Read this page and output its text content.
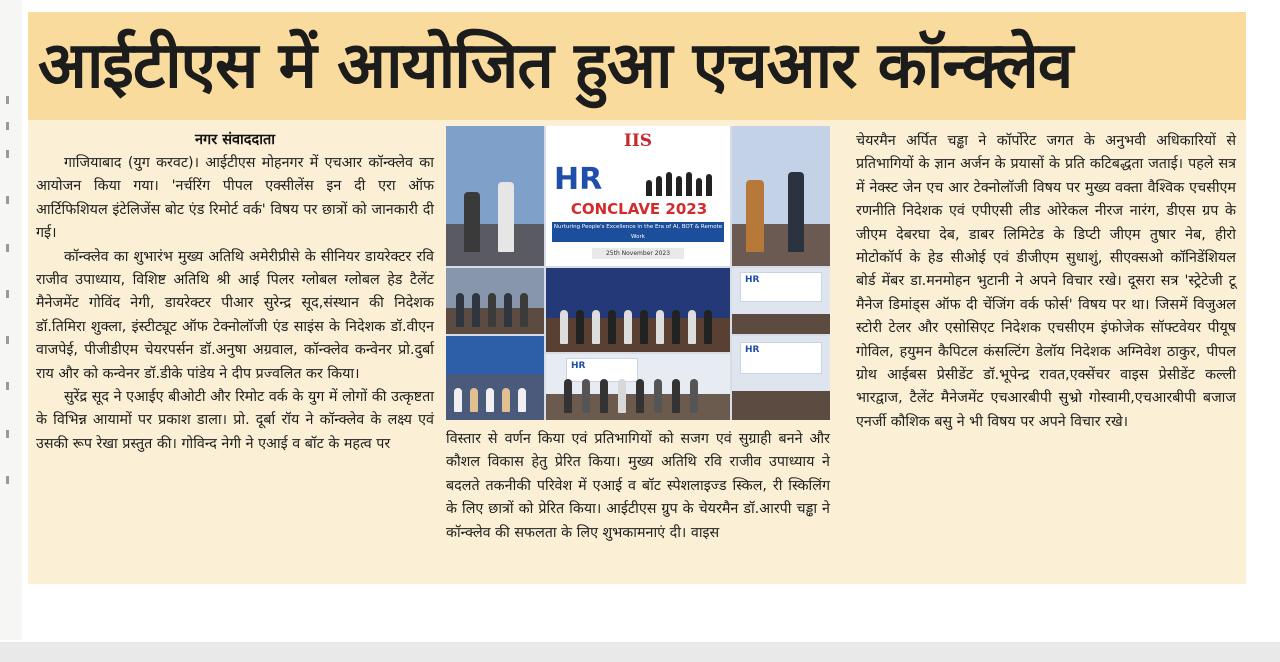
आईटीएस में आयोजित हुआ एचआर कॉन्क्लेव
नगर संवाददाता

गाजियाबाद (युग करवट)। आईटीएस मोहनगर में एचआर कॉन्क्लेव का आयोजन किया गया। 'नर्चरिंग पीपल एक्सीलेंस इन दी एरा ऑफ आर्टिफिशियल इंटेलिजेंस बोट एंड रिमोर्ट वर्क' विषय पर छात्रों को जानकारी दी गई।

कॉन्क्लेव का शुभारंभ मुख्य अतिथि अमेरीप्रीसे के सीनियर डायरेक्टर रवि राजीव उपाध्याय, विशिष्ट अतिथि श्री आई पिलर ग्लोबल ग्लोबल हेड टैलेंट मैनेजमेंट गोविंद नेगी, डायरेक्टर पीआर सुरेन्द्र सूद,संस्थान की निदेशक डॉ.तिमिरा शुक्ला, इंस्टीट्यूट ऑफ टेक्नोलॉजी एंड साइंस के निदेशक डॉ.वीएन वाजपेई, पीजीडीएम चेयरपर्सन डॉ.अनुषा अग्रवाल, कॉन्क्लेव कन्वेनर प्रो.दुर्बा राय और को कन्वेनर डॉ.डीके पांडेय ने दीप प्रज्वलित कर किया।

सुरेंद्र सूद ने एआईए बीओटी और रिमोट वर्क के युग में लोगों की उत्कृष्टता के विभिन्न आयामों पर प्रकाश डाला। प्रो. दूर्बा रॉय ने कॉन्क्लेव के लक्ष्य एवं उसकी रूप रेखा प्रस्तुत की। गोविन्द नेगी ने एआई व बॉट के महत्व पर

IIS
HR
CONCLAVE 2023
Nurturing People's Excellence in the Era of AI, BOT & Remote Work
25th November 2023
HR
HR
HR

विस्तार से वर्णन किया एवं प्रतिभागियों को सजग एवं सुग्राही बनने और कौशल विकास हेतु प्रेरित किया। मुख्य अतिथि रवि राजीव उपाध्याय ने बदलते तकनीकी परिवेश में एआई व बॉट स्पेशलाइज्ड स्किल, री स्किलिंग के लिए छात्रों को प्रेरित किया। आईटीएस ग्रुप के चेयरमैन डॉ.आरपी चड्ढा ने कॉन्क्लेव की सफलता के लिए शुभकामनाएं दी। वाइस

चेयरमैन अर्पित चड्ढा ने कॉर्पोरेट जगत के अनुभवी अधिकारियों से प्रतिभागियों के ज्ञान अर्जन के प्रयासों के प्रति कटिबद्धता जताई। पहले सत्र में नेक्स्ट जेन एच आर टेक्नोलॉजी विषय पर मुख्य वक्ता वैश्विक एचसीएम रणनीति निदेशक एवं एपीएसी लीड ओरेकल नीरज नारंग, डीएस ग्रप के जीएम देबरघा देब, डाबर लिमिटेड के डिप्टी जीएम तुषार नेब, हीरो मोटोकॉर्प के हेड सीओई एवं डीजीएम सुधाशुं, सीएक्सओ कॉनिडेंशियल बोर्ड मेंबर डा.मनमोहन भुटानी ने अपने विचार रखे। दूसरा सत्र 'स्ट्रेटेजी टू मैनेज डिमांड्स ऑफ दी चेंजिंग वर्क फोर्स' विषय पर था। जिसमें विजुअल स्टोरी टेलर और एसोसिएट निदेशक एचसीएम इंफोजेक सॉफ्टवेयर पीयूष गोविल, हयुमन कैपिटल कंसल्टिंग डेलॉय निदेशक अग्निवेश ठाकुर, पीपल ग्रोथ आईबस प्रेसीडेंट डॉ.भूपेन्द्र रावत,एक्सेंचर वाइस प्रेसीडेंट कल्ली भारद्वाज, टैलेंट मैनेजमेंट एचआरबीपी सुभ्रो गोस्वामी,एचआरबीपी बजाज एनर्जी कौशिक बसु ने भी विषय पर अपने विचार रखे।
